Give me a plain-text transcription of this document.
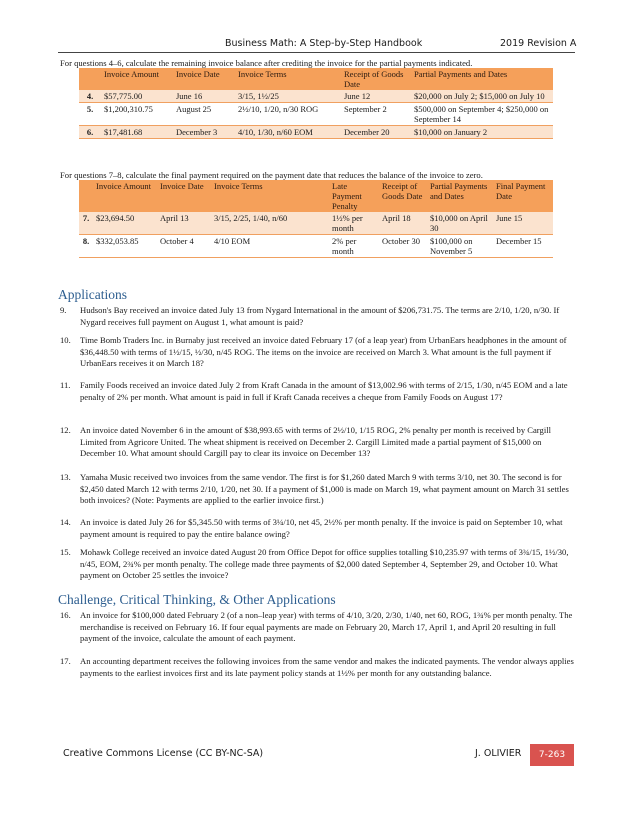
Business Math: A Step-by-Step Handbook	2019 Revision A
For questions 4–6, calculate the remaining invoice balance after crediting the invoice for the partial payments indicated.
	Invoice Amount	Invoice Date	Invoice Terms	Receipt of Goods Date	Partial Payments and Dates
4.	$57,775.00	June 16	3/15, 1½/25	June 12	$20,000 on July 2; $15,000 on July 10
5.	$1,200,310.75	August 25	2½/10, 1/20, n/30 ROG	September 2	$500,000 on September 4; $250,000 on September 14
6.	$17,481.68	December 3	4/10, 1/30, n/60 EOM	December 20	$10,000 on January 2
For questions 7–8, calculate the final payment required on the payment date that reduces the balance of the invoice to zero.
	Invoice Amount	Invoice Date	Invoice Terms	Late Payment Penalty	Receipt of Goods Date	Partial Payments and Dates	Final Payment Date
7.	$23,694.50	April 13	3/15, 2/25, 1/40, n/60	1½% per month	April 18	$10,000 on April 30	June 15
8.	$332,053.85	October 4	4/10 EOM	2% per month	October 30	$100,000 on November 5	December 15
Applications
9.	Hudson's Bay received an invoice dated July 13 from Nygard International in the amount of $206,731.75. The terms are 2/10, 1/20, n/30. If Nygard receives full payment on August 1, what amount is paid?
10.	Time Bomb Traders Inc. in Burnaby just received an invoice dated February 17 (of a leap year) from UrbanEars headphones in the amount of $36,448.50 with terms of 1½/15, ½/30, n/45 ROG. The items on the invoice are received on March 3. What amount is the full payment if UrbanEars receives it on March 18?
11.	Family Foods received an invoice dated July 2 from Kraft Canada in the amount of $13,002.96 with terms of 2/15, 1/30, n/45 EOM and a late penalty of 2% per month. What amount is paid in full if Kraft Canada receives a cheque from Family Foods on August 17?
12.	An invoice dated November 6 in the amount of $38,993.65 with terms of 2½/10, 1/15 ROG, 2% penalty per month is received by Cargill Limited from Agricore United. The wheat shipment is received on December 2. Cargill Limited made a partial payment of $15,000 on December 10. What amount should Cargill pay to clear its invoice on December 13?
13.	Yamaha Music received two invoices from the same vendor. The first is for $1,260 dated March 9 with terms 3/10, net 30. The second is for $2,450 dated March 12 with terms 2/10, 1/20, net 30. If a payment of $1,000 is made on March 19, what payment amount on March 31 settles both invoices? (Note: Payments are applied to the earlier invoice first.)
14.	An invoice is dated July 26 for $5,345.50 with terms of 3¼/10, net 45, 2½% per month penalty. If the invoice is paid on September 10, what payment amount is required to pay the entire balance owing?
15.	Mohawk College received an invoice dated August 20 from Office Depot for office supplies totalling $10,235.97 with terms of 3¾/15, 1½/30, n/45, EOM, 2¾% per month penalty. The college made three payments of $2,000 dated September 4, September 29, and October 10. What payment on October 25 settles the invoice?
Challenge, Critical Thinking, & Other Applications
16.	An invoice for $100,000 dated February 2 (of a non–leap year) with terms of 4/10, 3/20, 2/30, 1/40, net 60, ROG, 1¾% per month penalty. The merchandise is received on February 16. If four equal payments are made on February 20, March 17, April 1, and April 20 resulting in full payment of the invoice, calculate the amount of each payment.
17.	An accounting department receives the following invoices from the same vendor and makes the indicated payments. The vendor always applies payments to the earliest invoices first and its late payment policy stands at 1½% per month for any outstanding balance.
Creative Commons License (CC BY-NC-SA)	J. OLIVIER	7-263
